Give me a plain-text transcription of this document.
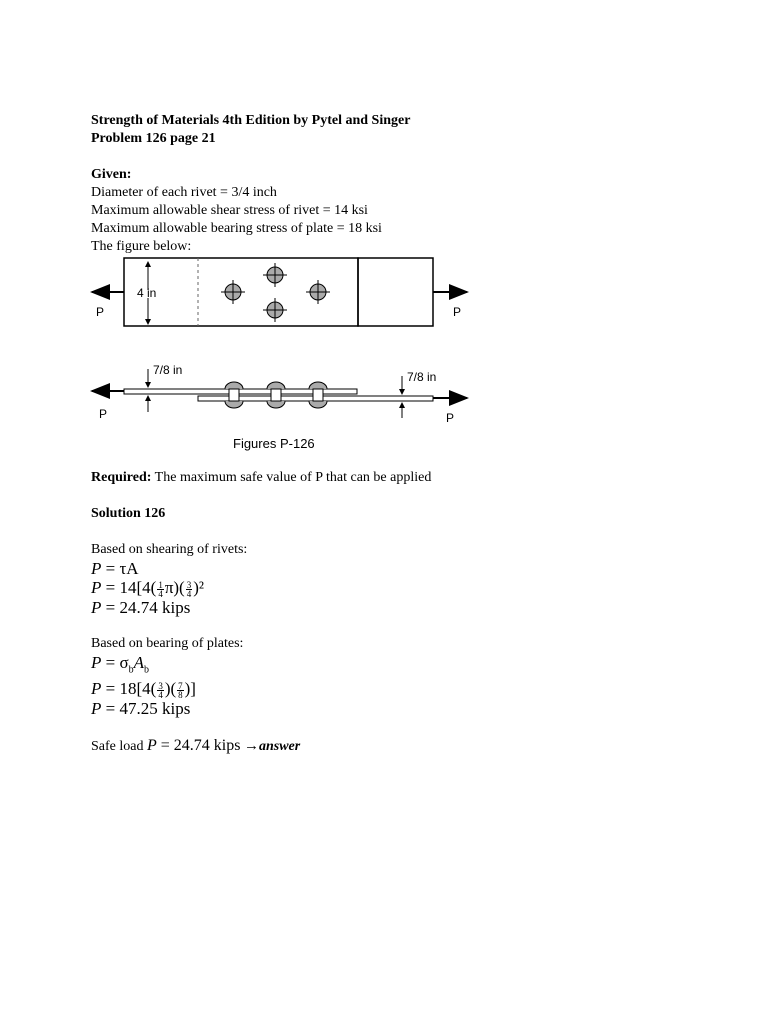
Strength of Materials 4th Edition by Pytel and Singer
Problem 126 page 21
Given:
Diameter of each rivet = 3/4 inch
Maximum allowable shear stress of rivet = 14 ksi
Maximum allowable bearing stress of plate = 18 ksi
The figure below:
4 in
P	P
7/8 in	7/8 in
P	P
Figures P-126
Required: The maximum safe value of P that can be applied
Solution 126
Based on shearing of rivets:
P = τA
$P = 14[4( \frac{1}{4} \pi)( \frac{3}{4} )^2$
P = 24.74 kips
Based on bearing of plates:
$P = \sigma_bA_b$
$P = 18[4( \frac{3}{4}$ )( $\frac{7}{8}$ )]
P = 47.25 kips
Safe load P = 24.74 kips →answer
